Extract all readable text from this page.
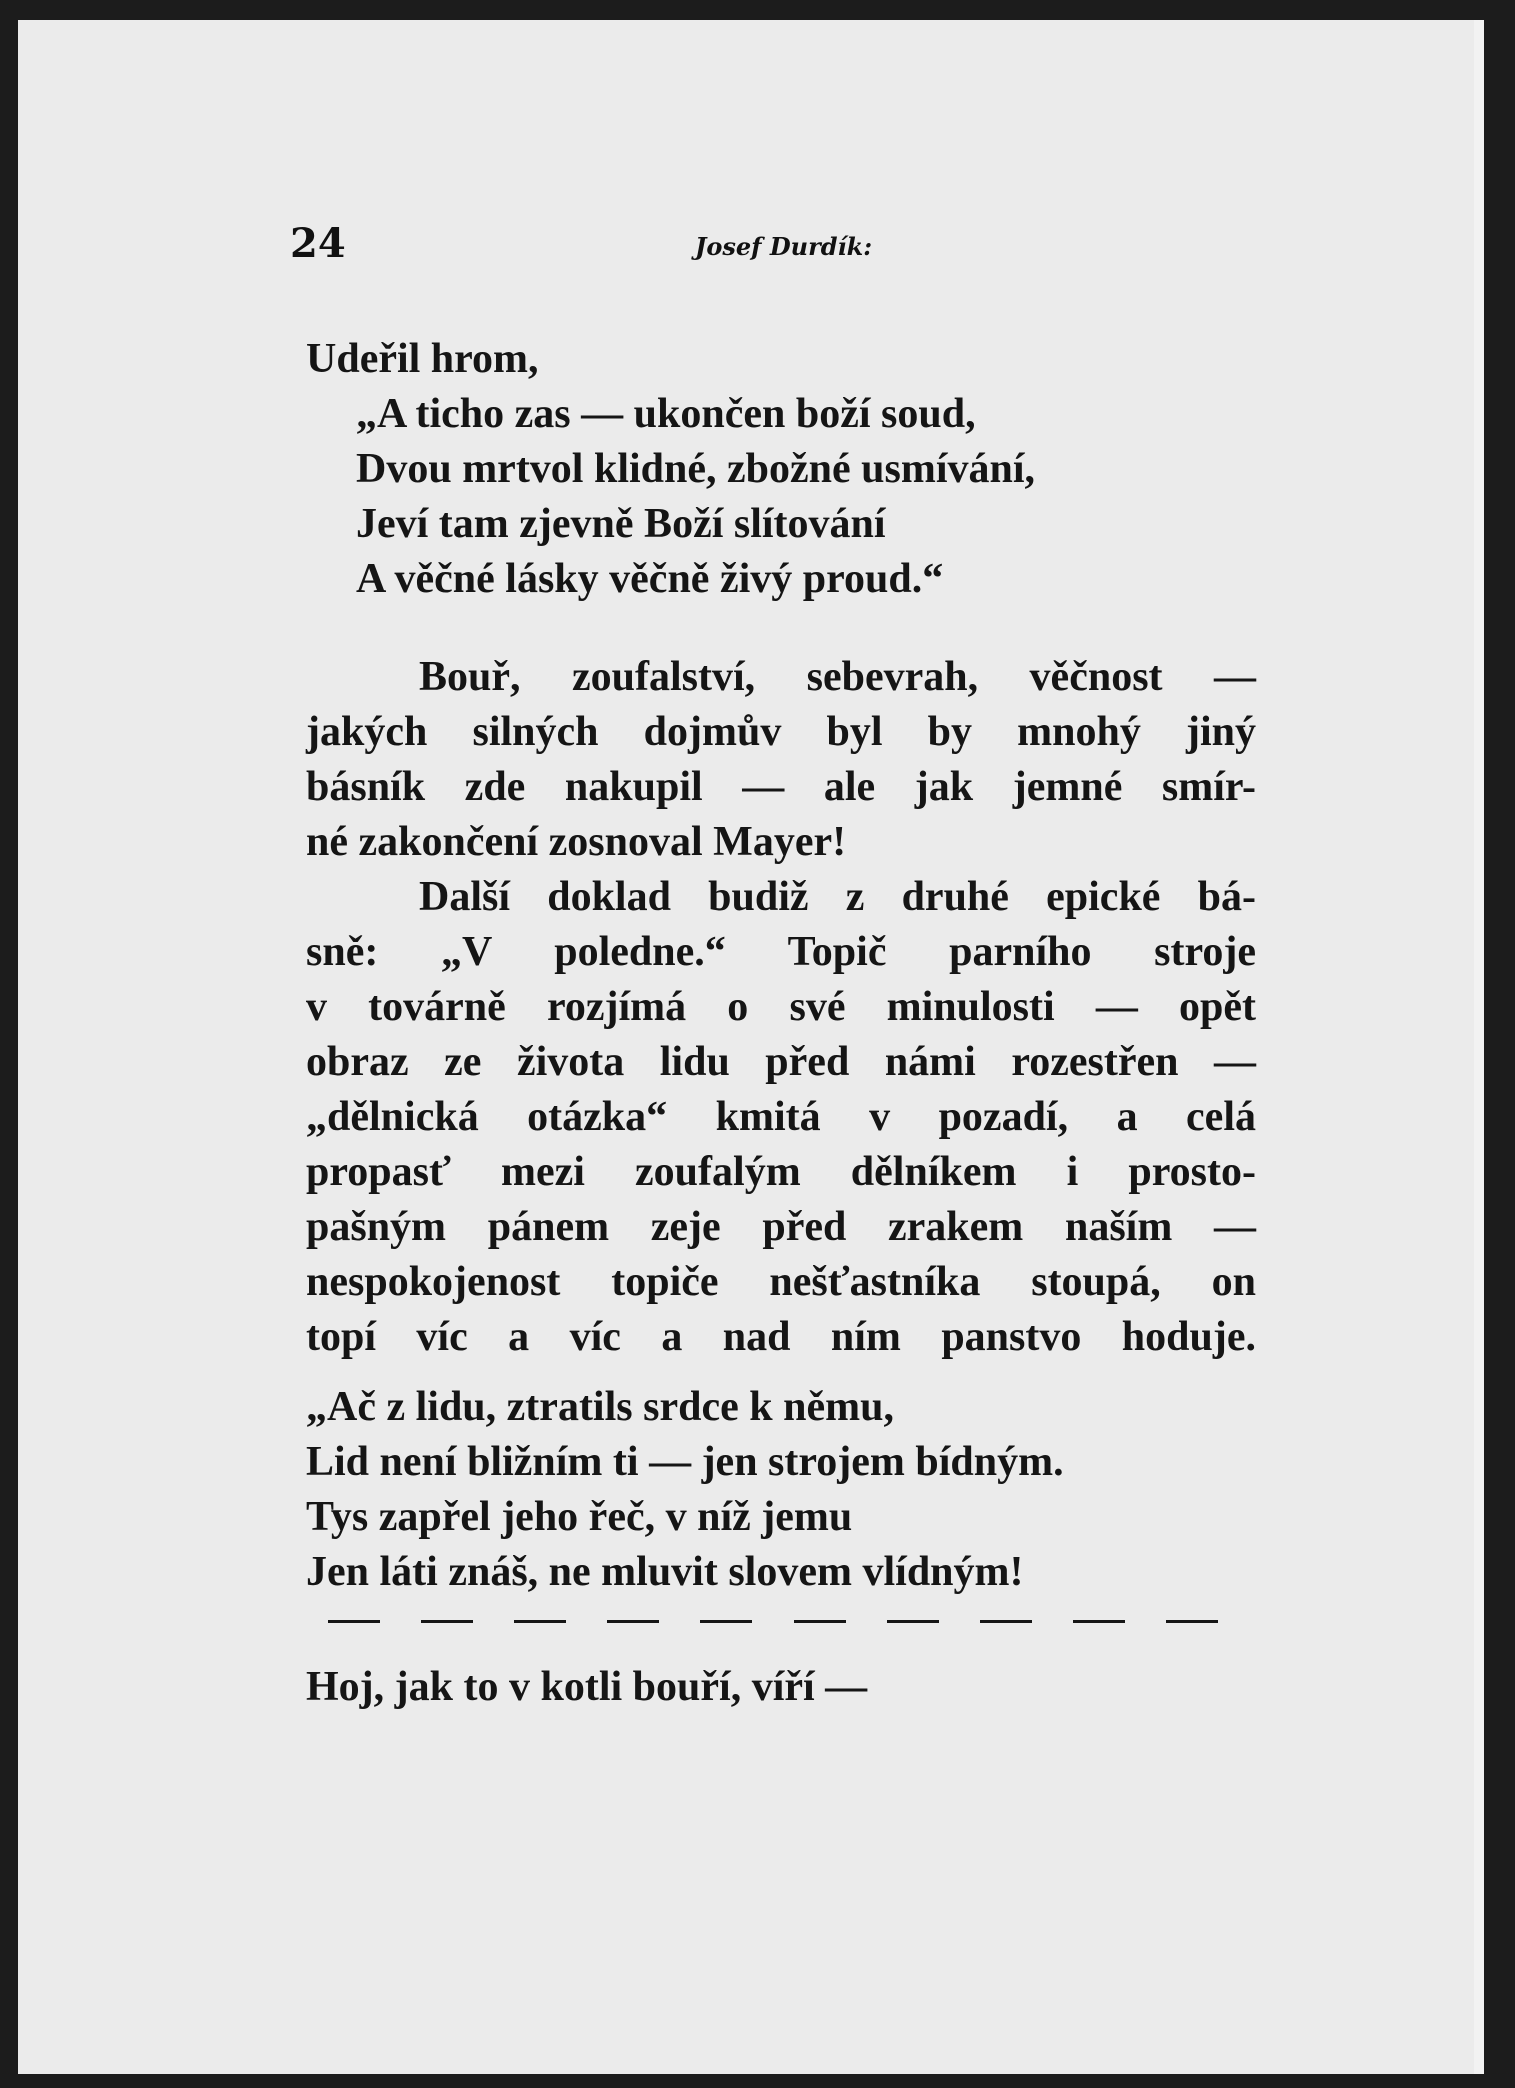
24	Josef Durdík:
Udeřil hrom,
„A ticho zas — ukončen boží soud,
Dvou mrtvol klidné, zbožné usmívání,
Jeví tam zjevně Boží slítování
A věčné lásky věčně živý proud.“
Bouř, zoufalství, sebevrah, věčnost —
jakých silných dojmův byl by mnohý jiný
básník zde nakupil — ale jak jemné smír-
né zakončení zosnoval Mayer!
Další doklad budiž z druhé epické bá-
sně: „V poledne.“ Topič parního stroje
v továrně rozjímá o své minulosti — opět
obraz ze života lidu před námi rozestřen —
„dělnická otázka“ kmitá v pozadí, a celá
propasť mezi zoufalým dělníkem i prosto-
pašným pánem zeje před zrakem naším —
nespokojenost topiče nešťastníka stoupá, on
topí víc a víc a nad ním panstvo hoduje.
„Ač z lidu, ztratils srdce k němu,
Lid není bližním ti — jen strojem bídným.
Tys zapřel jeho řeč, v níž jemu
Jen láti znáš, ne mluvit slovem vlídným!
Hoj, jak to v kotli bouří, víří —
